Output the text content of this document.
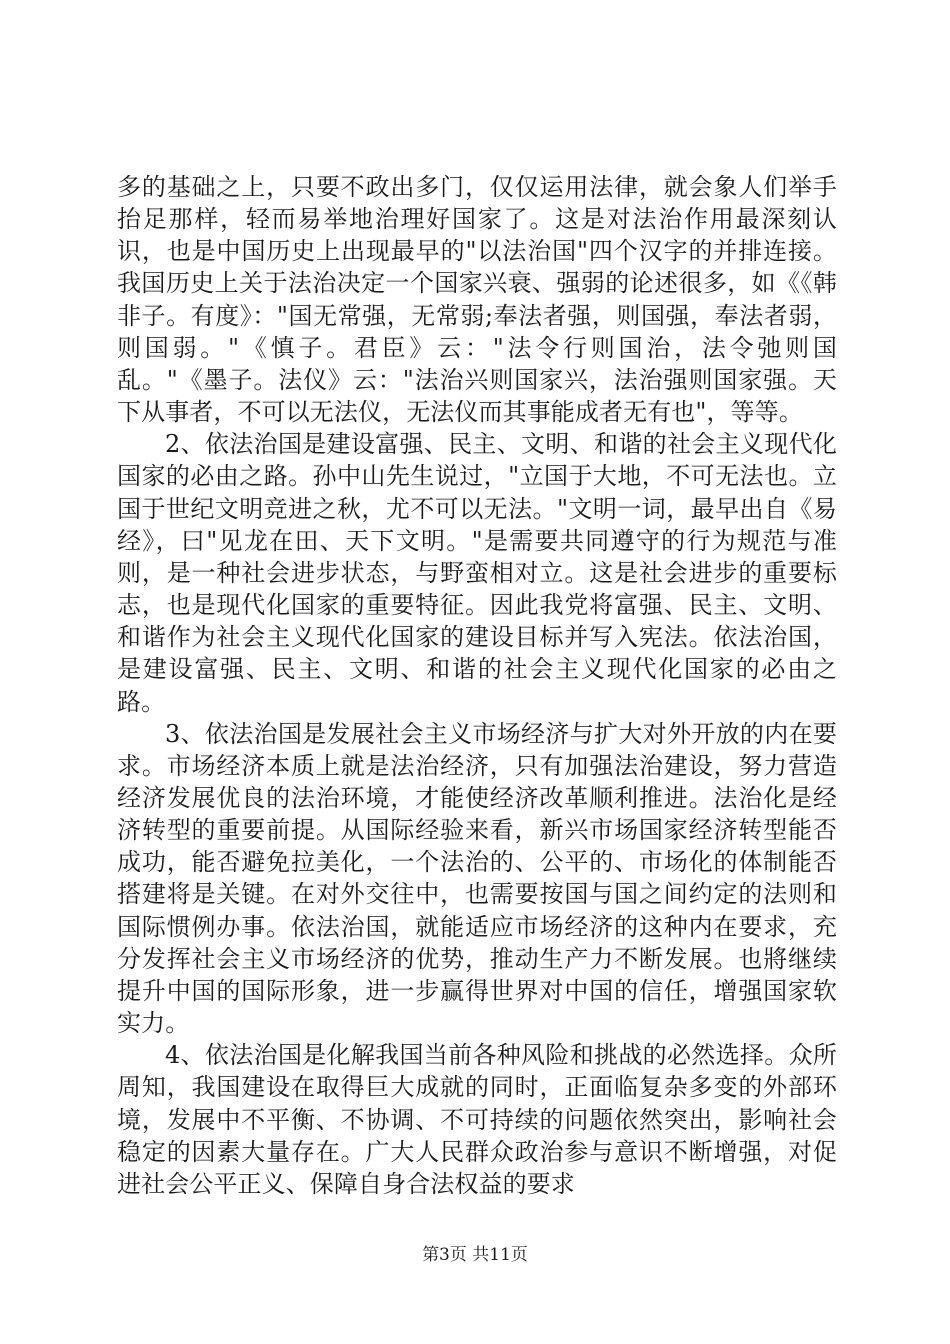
多的基础之上，只要不政出多门，仅仅运用法律，就会象人们举手抬足那样，轻而易举地治理好国家了。这是对法治作用最深刻认识，也是中国历史上出现最早的"以法治国"四个汉字的并排连接。我国历史上关于法治决定一个国家兴衰、强弱的论述很多，如《《韩非子。有度》："国无常强，无常弱;奉法者强，则国强，奉法者弱，则国弱。"《慎子。君臣》云："法令行则国治，法令弛则国乱。"《墨子。法仪》云："法治兴则国家兴，法治强则国家强。天下从事者，不可以无法仪，无法仪而其事能成者无有也"，等等。

2、依法治国是建设富强、民主、文明、和谐的社会主义现代化国家的必由之路。孙中山先生说过，"立国于大地，不可无法也。立国于世纪文明竞进之秋，尤不可以无法。"文明一词，最早出自《易经》，曰"见龙在田、天下文明。"是需要共同遵守的行为规范与准则，是一种社会进步状态，与野蛮相对立。这是社会进步的重要标志，也是现代化国家的重要特征。因此我党将富强、民主、文明、和谐作为社会主义现代化国家的建设目标并写入宪法。依法治国，是建设富强、民主、文明、和谐的社会主义现代化国家的必由之路。

3、依法治国是发展社会主义市场经济与扩大对外开放的内在要求。市场经济本质上就是法治经济，只有加强法治建设，努力营造经济发展优良的法治环境，才能使经济改革顺利推进。法治化是经济转型的重要前提。从国际经验来看，新兴市场国家经济转型能否成功，能否避免拉美化，一个法治的、公平的、市场化的体制能否搭建将是关键。在对外交往中，也需要按国与国之间约定的法则和国际惯例办事。依法治国，就能适应市场经济的这种内在要求，充分发挥社会主义市场经济的优势，推动生产力不断发展。也將继续提升中国的国际形象，进一步赢得世界对中国的信任，增强国家软实力。

4、依法治国是化解我国当前各种风险和挑战的必然选择。众所周知，我国建设在取得巨大成就的同时，正面临复杂多变的外部环境，发展中不平衡、不协调、不可持续的问题依然突出，影响社会稳定的因素大量存在。广大人民群众政治参与意识不断增强，对促进社会公平正义、保障自身合法权益的要求

第3页 共11页
